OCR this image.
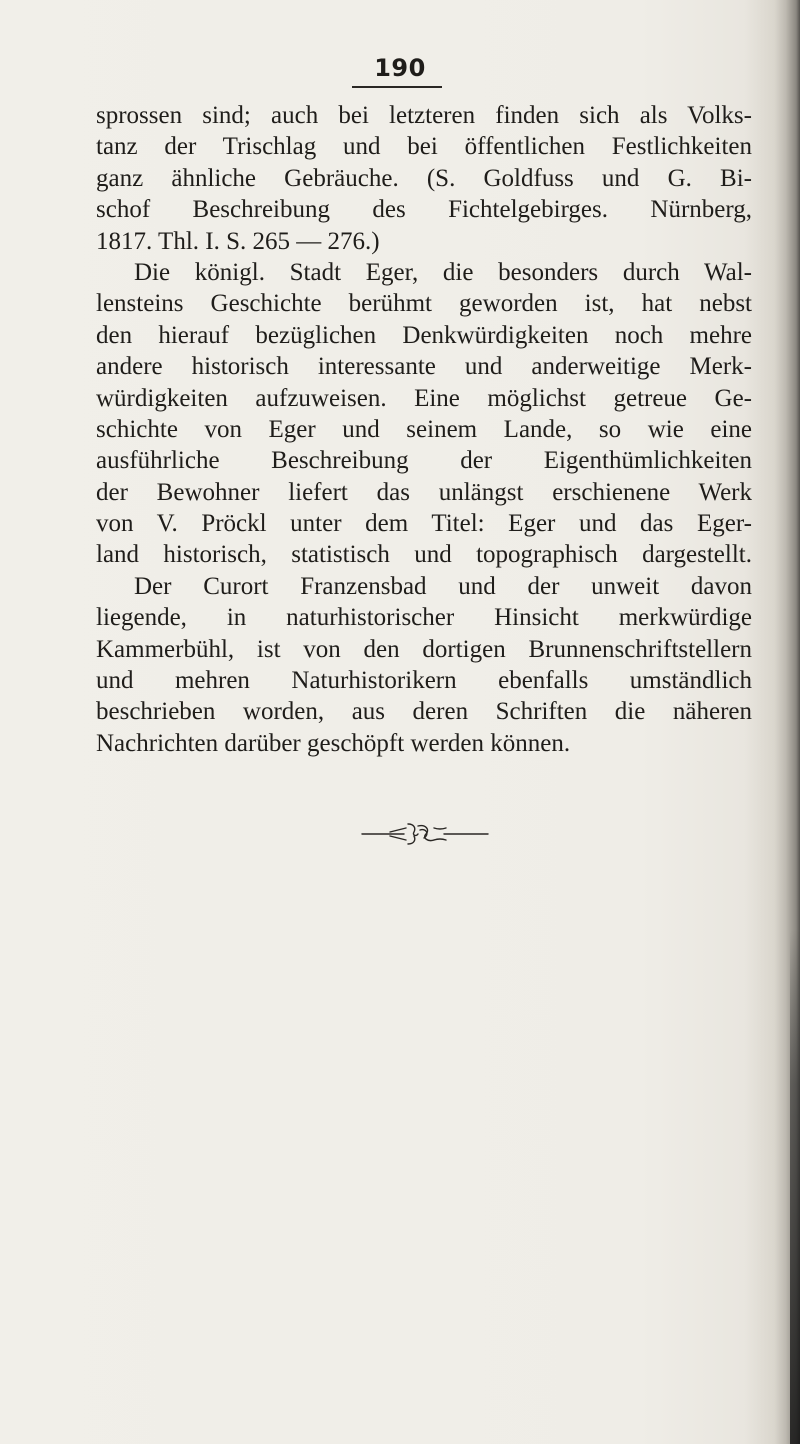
190
sprossen sind; auch bei letzteren finden sich als Volks-
tanz der Trischlag und bei öffentlichen Festlichkeiten
ganz ähnliche Gebräuche. (S. Goldfuss und G. Bi-
schof Beschreibung des Fichtelgebirges. Nürnberg,
1817. Thl. I. S. 265 — 276.)
Die königl. Stadt Eger, die besonders durch Wal-
lensteins Geschichte berühmt geworden ist, hat nebst
den hierauf bezüglichen Denkwürdigkeiten noch mehre
andere historisch interessante und anderweitige Merk-
würdigkeiten aufzuweisen. Eine möglichst getreue Ge-
schichte von Eger und seinem Lande, so wie eine
ausführliche Beschreibung der Eigenthümlichkeiten
der Bewohner liefert das unlängst erschienene Werk
von V. Pröckl unter dem Titel: Eger und das Eger-
land historisch, statistisch und topographisch dargestellt.
Der Curort Franzensbad und der unweit davon
liegende, in naturhistorischer Hinsicht merkwürdige
Kammerbühl, ist von den dortigen Brunnenschriftstellern
und mehren Naturhistorikern ebenfalls umständlich
beschrieben worden, aus deren Schriften die näheren
Nachrichten darüber geschöpft werden können.
